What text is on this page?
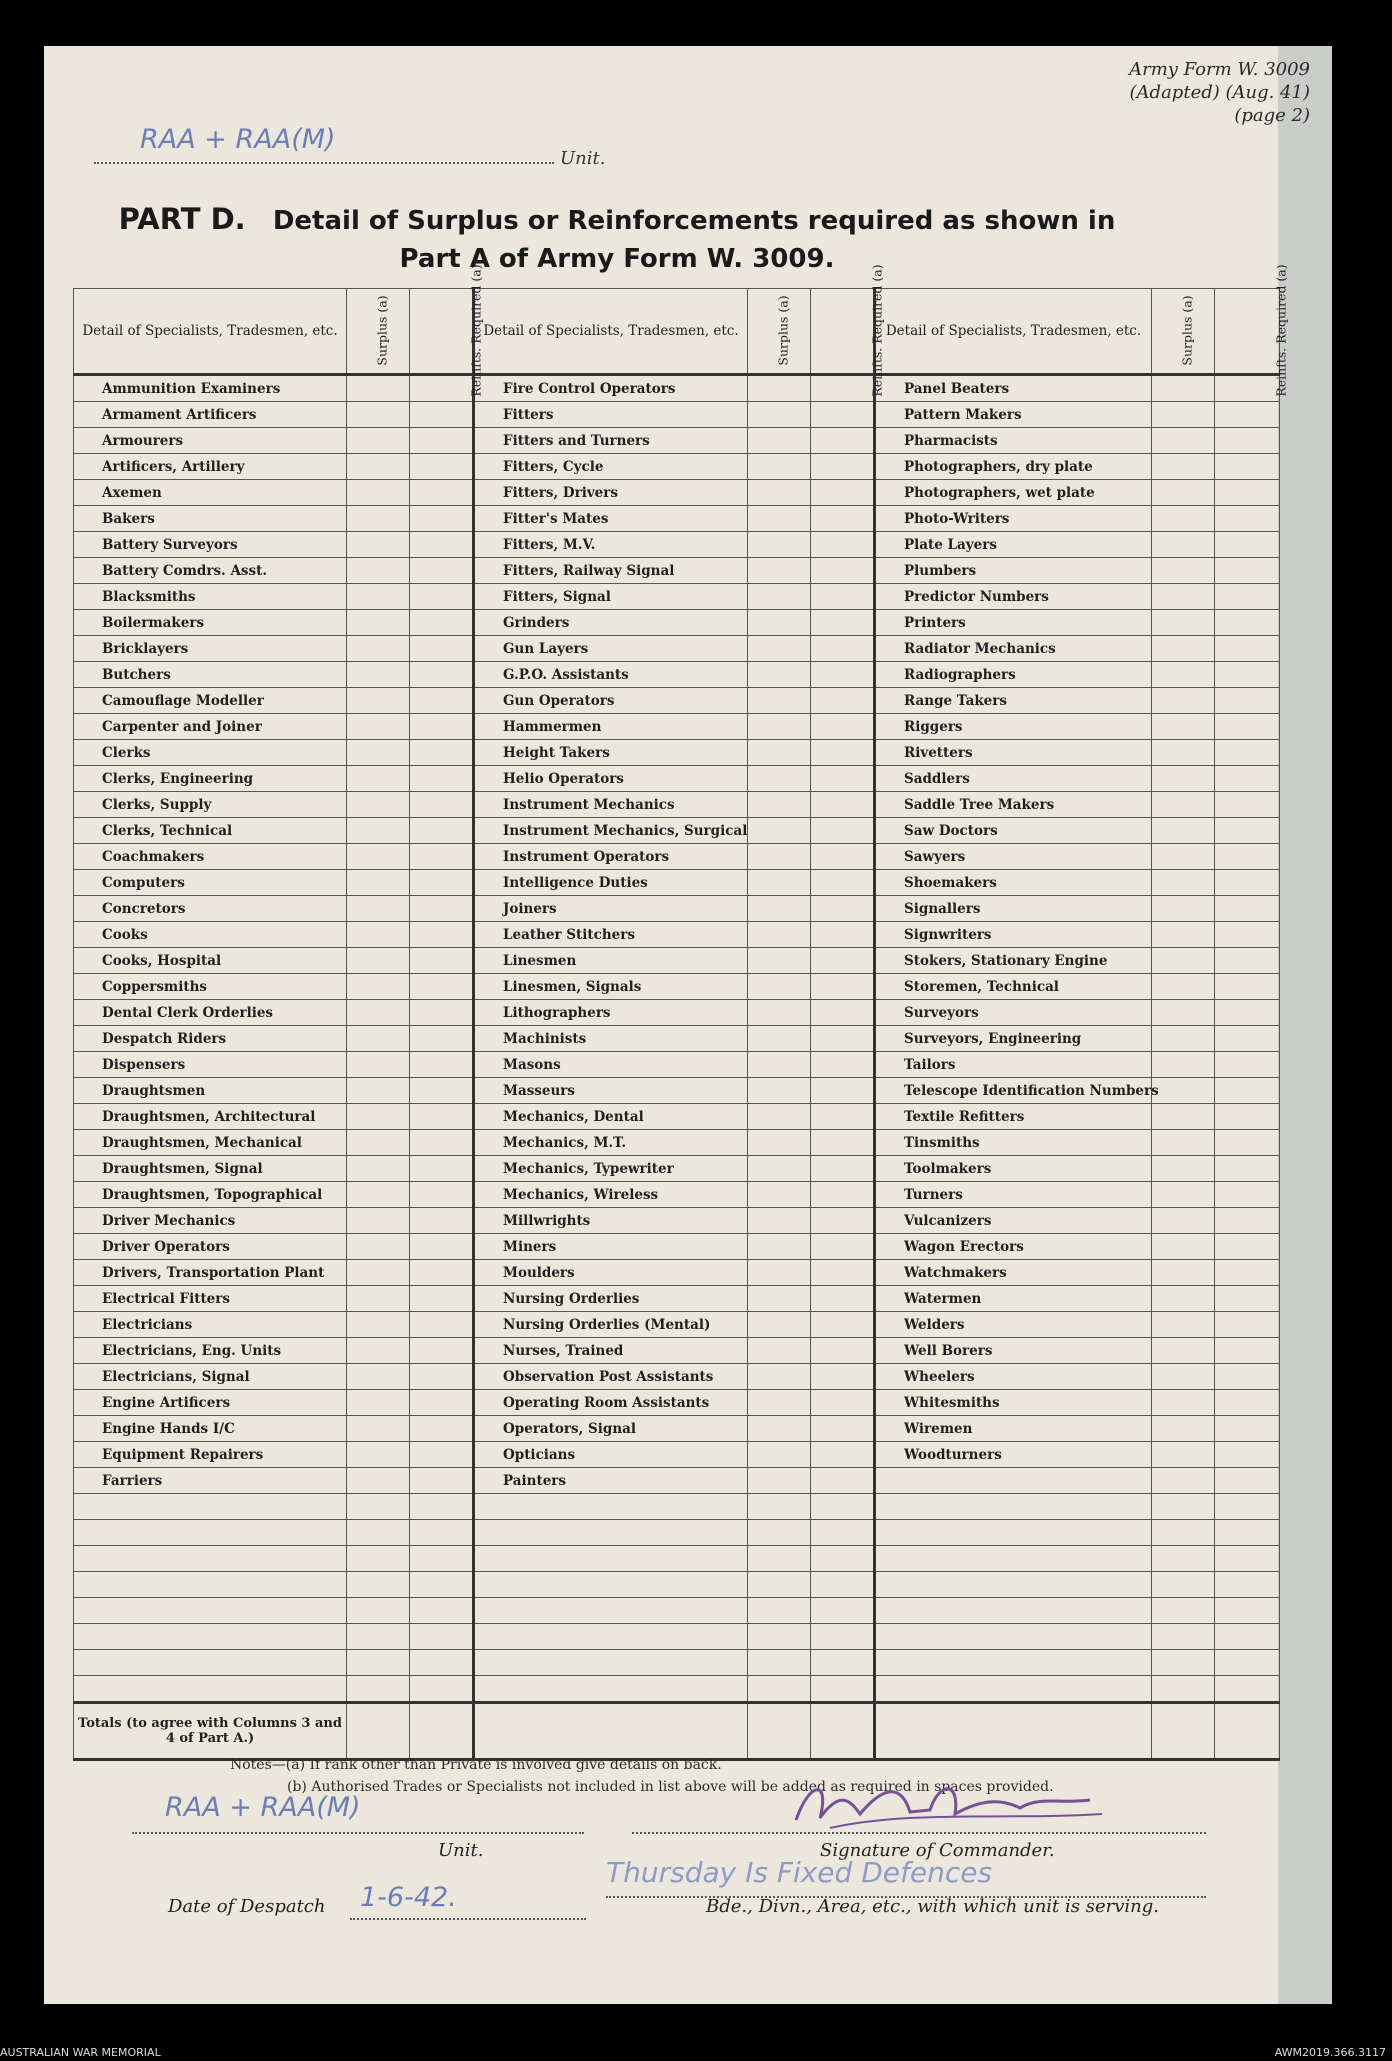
Army Form W. 3009
(Adapted) (Aug. 41)
(page 2)
RAA + RAA(M)
Unit.
PART D. Detail of Surplus or Reinforcements required as shown in
Part A of Army Form W. 3009.
Detail of Specialists, Tradesmen, etc.	Surplus (a)	Reinfts. Required (a)	Detail of Specialists, Tradesmen, etc.	Surplus (a)	Reinfts. Required (a)	Detail of Specialists, Tradesmen, etc.	Surplus (a)	Reinfts. Required (a)
Ammunition Examiners			Fire Control Operators			Panel Beaters		
Armament Artificers			Fitters			Pattern Makers		
Armourers			Fitters and Turners			Pharmacists		
Artificers, Artillery			Fitters, Cycle			Photographers, dry plate		
Axemen			Fitters, Drivers			Photographers, wet plate		
Bakers			Fitter's Mates			Photo-Writers		
Battery Surveyors			Fitters, M.V.			Plate Layers		
Battery Comdrs. Asst.			Fitters, Railway Signal			Plumbers		
Blacksmiths			Fitters, Signal			Predictor Numbers		
Boilermakers			Grinders			Printers		
Bricklayers			Gun Layers			Radiator Mechanics		
Butchers			G.P.O. Assistants			Radiographers		
Camouflage Modeller			Gun Operators			Range Takers		
Carpenter and Joiner			Hammermen			Riggers		
Clerks			Height Takers			Rivetters		
Clerks, Engineering			Helio Operators			Saddlers		
Clerks, Supply			Instrument Mechanics			Saddle Tree Makers		
Clerks, Technical			Instrument Mechanics, Surgical			Saw Doctors		
Coachmakers			Instrument Operators			Sawyers		
Computers			Intelligence Duties			Shoemakers		
Concretors			Joiners			Signallers		
Cooks			Leather Stitchers			Signwriters		
Cooks, Hospital			Linesmen			Stokers, Stationary Engine		
Coppersmiths			Linesmen, Signals			Storemen, Technical		
Dental Clerk Orderlies			Lithographers			Surveyors		
Despatch Riders			Machinists			Surveyors, Engineering		
Dispensers			Masons			Tailors		
Draughtsmen			Masseurs			Telescope Identification Numbers		
Draughtsmen, Architectural			Mechanics, Dental			Textile Refitters		
Draughtsmen, Mechanical			Mechanics, M.T.			Tinsmiths		
Draughtsmen, Signal			Mechanics, Typewriter			Toolmakers		
Draughtsmen, Topographical			Mechanics, Wireless			Turners		
Driver Mechanics			Millwrights			Vulcanizers		
Driver Operators			Miners			Wagon Erectors		
Drivers, Transportation Plant			Moulders			Watchmakers		
Electrical Fitters			Nursing Orderlies			Watermen		
Electricians			Nursing Orderlies (Mental)			Welders		
Electricians, Eng. Units			Nurses, Trained			Well Borers		
Electricians, Signal			Observation Post Assistants			Wheelers		
Engine Artificers			Operating Room Assistants			Whitesmiths		
Engine Hands I/C			Operators, Signal			Wiremen		
Equipment Repairers			Opticians			Woodturners		
Farriers			Painters					

Totals (to agree with Columns 3 and 4 of Part A.)								
Notes—(a) If rank other than Private is involved give details on back.
(b) Authorised Trades or Specialists not included in list above will be added as required in spaces provided.
RAA + RAA(M)
Unit.	Signature of Commander.
Date of Despatch 1-6-42.
Thursday Is Fixed Defences
Bde., Divn., Area, etc., with which unit is serving.
AUSTRALIAN WAR MEMORIAL	AWM2019.366.3117
